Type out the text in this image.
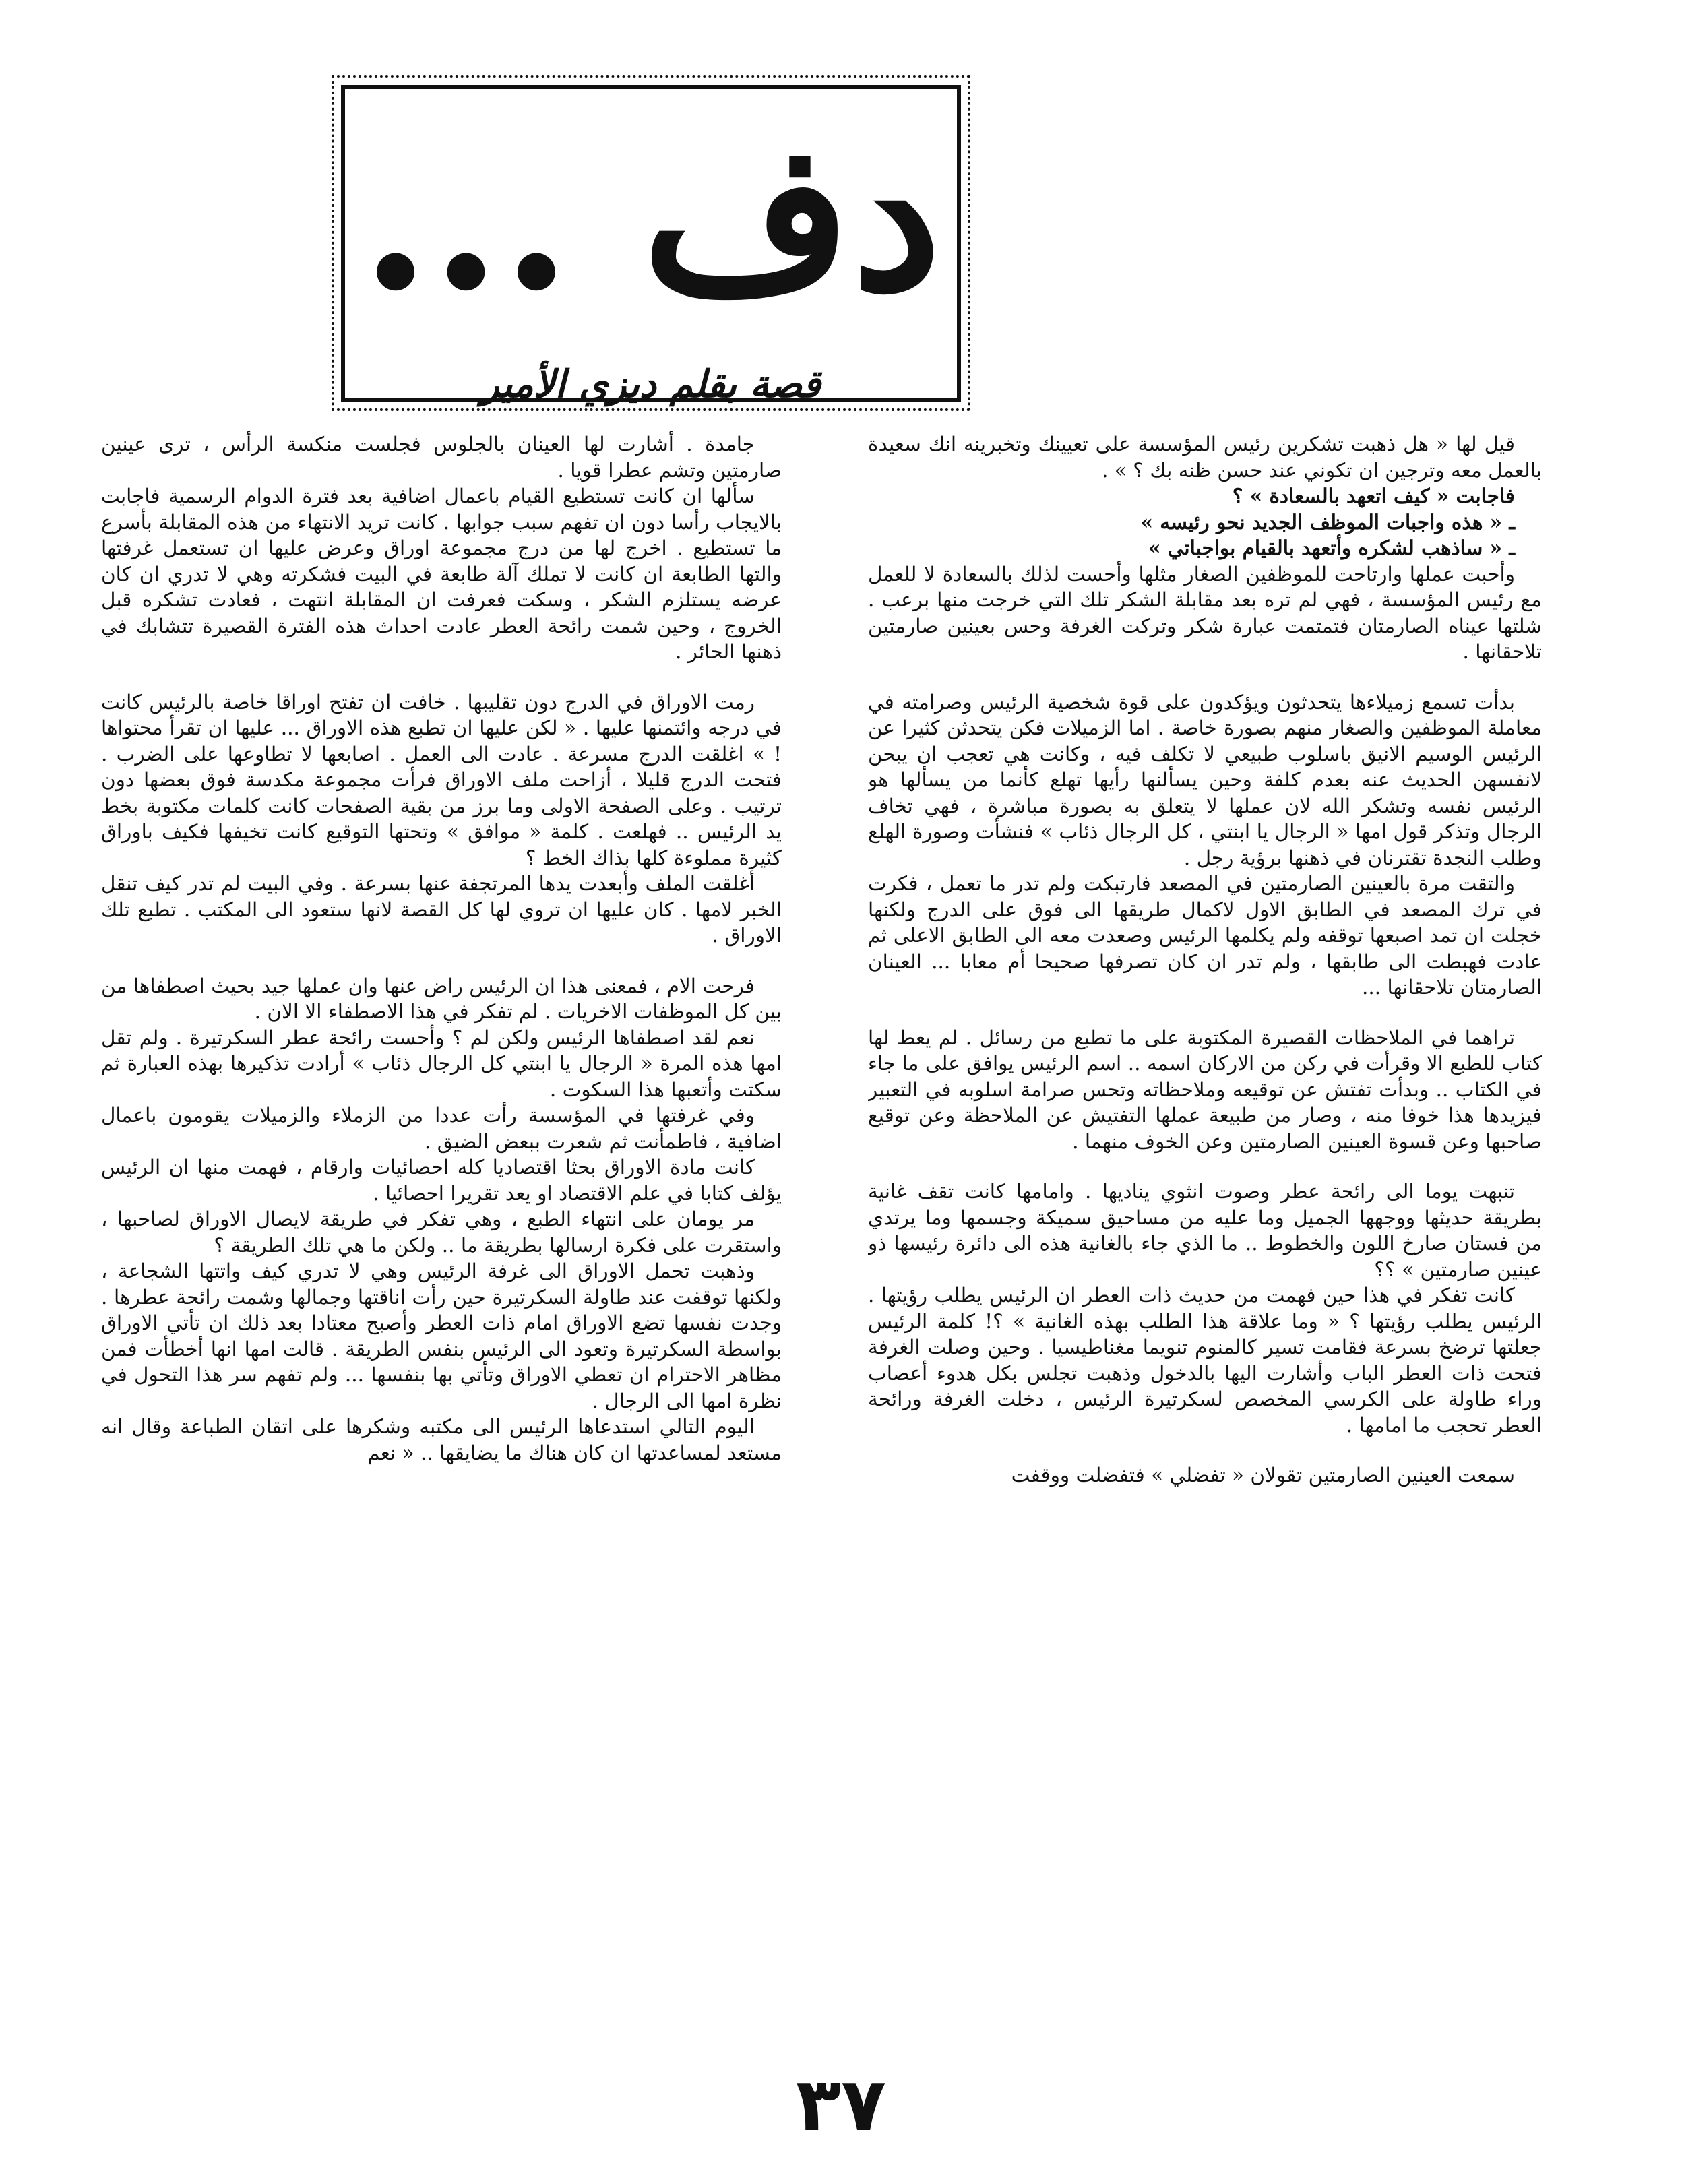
دف ...
قصة بقلم ديزي الأمير

قيل لها « هل ذهبت تشكرين رئيس المؤسسة على تعيينك وتخبرينه انك سعيدة بالعمل معه وترجين ان تكوني عند حسن ظنه بك ؟ » .

فاجابت « كيف اتعهد بالسعادة » ؟

ـ « هذه واجبات الموظف الجديد نحو رئيسه »

ـ « ساذهب لشكره وأتعهد بالقيام بواجباتي »

وأحبت عملها وارتاحت للموظفين الصغار مثلها وأحست لذلك بالسعادة لا للعمل مع رئيس المؤسسة ، فهي لم تره بعد مقابلة الشكر تلك التي خرجت منها برعب . شلتها عيناه الصارمتان فتمتمت عبارة شكر وتركت الغرفة وحس بعينين صارمتين تلاحقانها .

بدأت تسمع زميلاءها يتحدثون ويؤكدون على قوة شخصية الرئيس وصرامته في معاملة الموظفين والصغار منهم بصورة خاصة . اما الزميلات فكن يتحدثن كثيرا عن الرئيس الوسيم الانيق باسلوب طبيعي لا تكلف فيه ، وكانت هي تعجب ان يبحن لانفسهن الحديث عنه بعدم كلفة وحين يسألنها رأيها تهلع كأنما من يسألها هو الرئيس نفسه وتشكر الله لان عملها لا يتعلق به بصورة مباشرة ، فهي تخاف الرجال وتذكر قول امها « الرجال يا ابنتي ، كل الرجال ذئاب » فنشأت وصورة الهلع وطلب النجدة تقترنان في ذهنها برؤية رجل .

والتقت مرة بالعينين الصارمتين في المصعد فارتبكت ولم تدر ما تعمل ، فكرت في ترك المصعد في الطابق الاول لاكمال طريقها الى فوق على الدرج ولكنها خجلت ان تمد اصبعها توقفه ولم يكلمها الرئيس وصعدت معه الى الطابق الاعلى ثم عادت فهبطت الى طابقها ، ولم تدر ان كان تصرفها صحيحا أم معابا ... العينان الصارمتان تلاحقانها ...

تراهما في الملاحظات القصيرة المكتوبة على ما تطبع من رسائل . لم يعط لها كتاب للطبع الا وقرأت في ركن من الاركان اسمه .. اسم الرئيس يوافق على ما جاء في الكتاب .. وبدأت تفتش عن توقيعه وملاحظاته وتحس صرامة اسلوبه في التعبير فيزيدها هذا خوفا منه ، وصار من طبيعة عملها التفتيش عن الملاحظة وعن توقيع صاحبها وعن قسوة العينين الصارمتين وعن الخوف منهما .

تنبهت يوما الى رائحة عطر وصوت انثوي يناديها . وامامها كانت تقف غانية بطريقة حديثها ووجهها الجميل وما عليه من مساحيق سميكة وجسمها وما يرتدي من فستان صارخ اللون والخطوط .. ما الذي جاء بالغانية هذه الى دائرة رئيسها ذو عينين صارمتين » ؟؟

كانت تفكر في هذا حين فهمت من حديث ذات العطر ان الرئيس يطلب رؤيتها . الرئيس يطلب رؤيتها ؟ « وما علاقة هذا الطلب بهذه الغانية » ؟! كلمة الرئيس جعلتها ترضخ بسرعة فقامت تسير كالمنوم تنويما مغناطيسيا . وحين وصلت الغرفة فتحت ذات العطر الباب وأشارت اليها بالدخول وذهبت تجلس بكل هدوء أعصاب وراء طاولة على الكرسي المخصص لسكرتيرة الرئيس ، دخلت الغرفة ورائحة العطر تحجب ما امامها .

سمعت العينين الصارمتين تقولان « تفضلي » فتفضلت ووقفت

جامدة . أشارت لها العينان بالجلوس فجلست منكسة الرأس ، ترى عينين صارمتين وتشم عطرا قويا .

سألها ان كانت تستطيع القيام باعمال اضافية بعد فترة الدوام الرسمية فاجابت بالايجاب رأسا دون ان تفهم سبب جوابها . كانت تريد الانتهاء من هذه المقابلة بأسرع ما تستطيع . اخرج لها من درج مجموعة اوراق وعرض عليها ان تستعمل غرفتها والتها الطابعة ان كانت لا تملك آلة طابعة في البيت فشكرته وهي لا تدري ان كان عرضه يستلزم الشكر ، وسكت فعرفت ان المقابلة انتهت ، فعادت تشكره قبل الخروج ، وحين شمت رائحة العطر عادت احداث هذه الفترة القصيرة تتشابك في ذهنها الحائر .

رمت الاوراق في الدرج دون تقليبها . خافت ان تفتح اوراقا خاصة بالرئيس كانت في درجه وائتمنها عليها . « لكن عليها ان تطبع هذه الاوراق ... عليها ان تقرأ محتواها ! » اغلقت الدرج مسرعة . عادت الى العمل . اصابعها لا تطاوعها على الضرب . فتحت الدرج قليلا ، أزاحت ملف الاوراق فرأت مجموعة مكدسة فوق بعضها دون ترتيب . وعلى الصفحة الاولى وما برز من بقية الصفحات كانت كلمات مكتوبة بخط يد الرئيس .. فهلعت . كلمة « موافق » وتحتها التوقيع كانت تخيفها فكيف باوراق كثيرة مملوءة كلها بذاك الخط ؟

أغلقت الملف وأبعدت يدها المرتجفة عنها بسرعة . وفي البيت لم تدر كيف تنقل الخبر لامها . كان عليها ان تروي لها كل القصة لانها ستعود الى المكتب . تطبع تلك الاوراق .

فرحت الام ، فمعنى هذا ان الرئيس راض عنها وان عملها جيد بحيث اصطفاها من بين كل الموظفات الاخريات . لم تفكر في هذا الاصطفاء الا الان .

نعم لقد اصطفاها الرئيس ولكن لم ؟ وأحست رائحة عطر السكرتيرة . ولم تقل امها هذه المرة « الرجال يا ابنتي كل الرجال ذئاب » أرادت تذكيرها بهذه العبارة ثم سكتت وأتعبها هذا السكوت .

وفي غرفتها في المؤسسة رأت عددا من الزملاء والزميلات يقومون باعمال اضافية ، فاطمأنت ثم شعرت ببعض الضيق .

كانت مادة الاوراق بحثا اقتصاديا كله احصائيات وارقام ، فهمت منها ان الرئيس يؤلف كتابا في علم الاقتصاد او يعد تقريرا احصائيا .

مر يومان على انتهاء الطبع ، وهي تفكر في طريقة لايصال الاوراق لصاحبها ، واستقرت على فكرة ارسالها بطريقة ما .. ولكن ما هي تلك الطريقة ؟

وذهبت تحمل الاوراق الى غرفة الرئيس وهي لا تدري كيف واتتها الشجاعة ، ولكنها توقفت عند طاولة السكرتيرة حين رأت اناقتها وجمالها وشمت رائحة عطرها . وجدت نفسها تضع الاوراق امام ذات العطر وأصبح معتادا بعد ذلك ان تأتي الاوراق بواسطة السكرتيرة وتعود الى الرئيس بنفس الطريقة . قالت امها انها أخطأت فمن مظاهر الاحترام ان تعطي الاوراق وتأتي بها بنفسها ... ولم تفهم سر هذا التحول في نظرة امها الى الرجال .

اليوم التالي استدعاها الرئيس الى مكتبه وشكرها على اتقان الطباعة وقال انه مستعد لمساعدتها ان كان هناك ما يضايقها .. « نعم

٣٧
